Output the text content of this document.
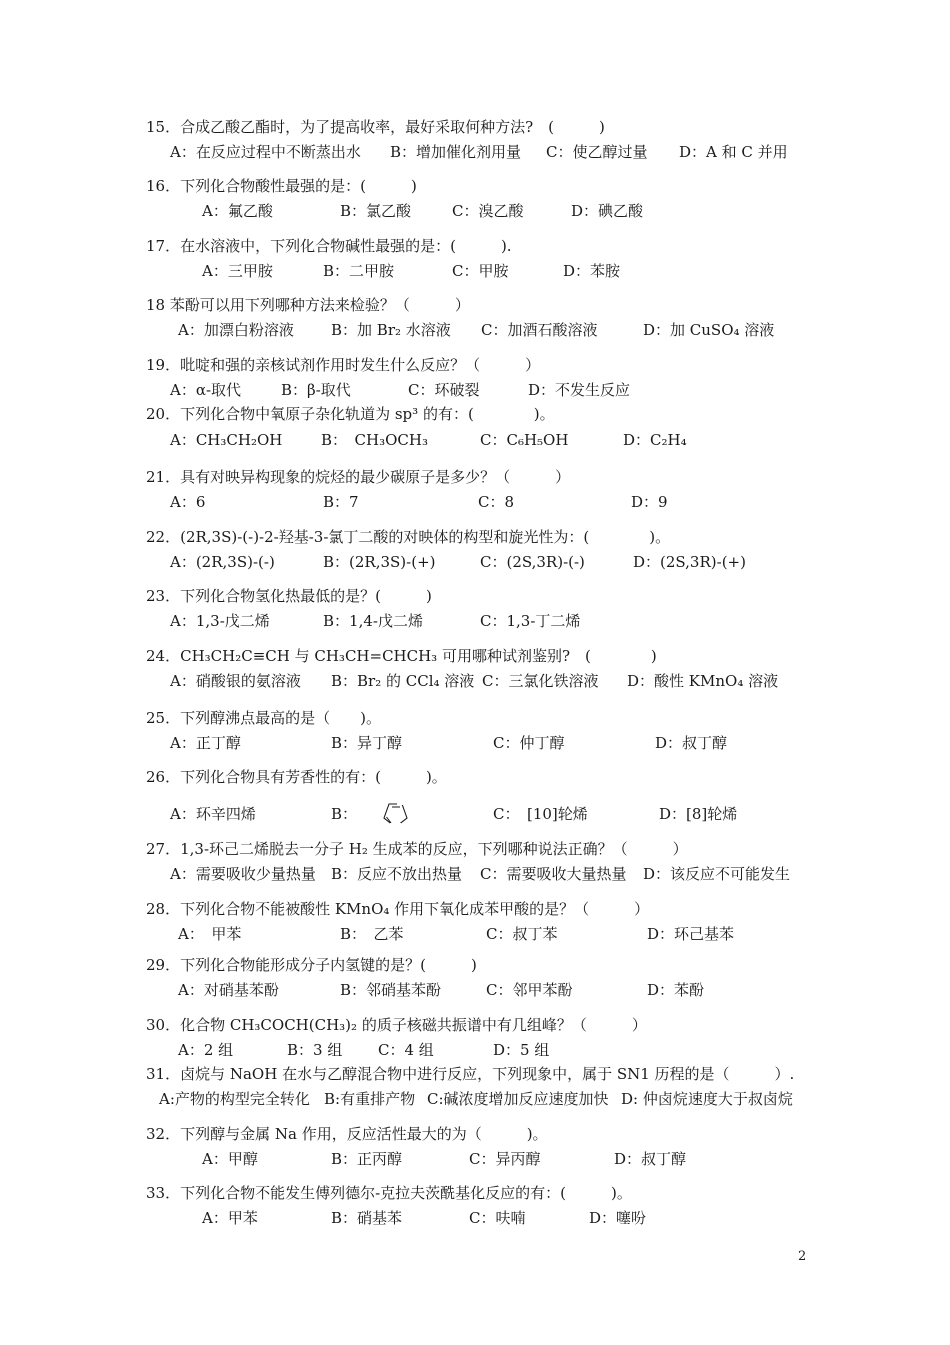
15．合成乙酸乙酯时，为了提高收率，最好采取何种方法?　(　　　)
A：在反应过程中不断蒸出水 B：增加催化剂用量 C：使乙醇过量 D：A 和 C 并用
16．下列化合物酸性最强的是：(　　　)
A：氟乙酸	B：氯乙酸	C：溴乙酸	D：碘乙酸
17．在水溶液中，下列化合物碱性最强的是：(　　　).
A：三甲胺	B：二甲胺	C：甲胺	D：苯胺
18 苯酚可以用下列哪种方法来检验？（　　　）
A：加漂白粉溶液 B：加 Br₂ 水溶液 C：加酒石酸溶液	D：加 CuSO₄ 溶液
19．吡啶和强的亲核试剂作用时发生什么反应？（　　　）
A：α-取代	B：β-取代	C：环破裂	D：不发生反应
20．下列化合物中氧原子杂化轨道为 sp³ 的有：(　　　　)。
A：CH₃CH₂OH	B：　CH₃OCH₃	C：C₆H₅OH	D：C₂H₄
21．具有对映异构现象的烷烃的最少碳原子是多少？（　　　）
A：6	B：7	C：8	D：9
22．(2R,3S)-(-)-2-羟基-3-氯丁二酸的对映体的构型和旋光性为：(　　　　)。
A：(2R,3S)-(-)	B：(2R,3S)-(+)	C：(2S,3R)-(-)	D：(2S,3R)-(+)
23．下列化合物氢化热最低的是？(　　　)
A：1,3-戊二烯	B：1,4-戊二烯	C：1,3-丁二烯
24．CH₃CH₂C≡CH 与 CH₃CH=CHCH₃ 可用哪种试剂鉴别?　(　　　　)
A：硝酸银的氨溶液 B：Br₂ 的 CCl₄ 溶液 C：三氯化铁溶液 D：酸性 KMnO₄ 溶液
25．下列醇沸点最高的是（　　)。
A：正丁醇	B：异丁醇	C：仲丁醇	D：叔丁醇
26．下列化合物具有芳香性的有：(　　　)。
A：环辛四烯	B：	C：　[10]轮烯	D：[8]轮烯
27．1,3-环己二烯脱去一分子 H₂ 生成苯的反应，下列哪种说法正确？（　　　）
A：需要吸收少量热量 B：反应不放出热量 C：需要吸收大量热量 D：该反应不可能发生
28．下列化合物不能被酸性 KMnO₄ 作用下氧化成苯甲酸的是？（　　　）
A：　甲苯	B：　乙苯	C：叔丁苯	D：环己基苯
29．下列化合物能形成分子内氢键的是？(　　　)
A：对硝基苯酚	B：邻硝基苯酚	C：邻甲苯酚	D：苯酚
30．化合物 CH₃COCH(CH₃)₂ 的质子核磁共振谱中有几组峰？（　　　）
A：2 组	B：3 组 C：4 组	D：5 组
31．卤烷与 NaOH 在水与乙醇混合物中进行反应，下列现象中，属于 SN1 历程的是（　　　）.
A:产物的构型完全转化 B:有重排产物 C:碱浓度增加反应速度加快 D: 仲卤烷速度大于叔卤烷
32．下列醇与金属 Na 作用，反应活性最大的为（　　　)。
A：甲醇	B：正丙醇	C：异丙醇	D：叔丁醇
33．下列化合物不能发生傅列德尔-克拉夫茨酰基化反应的有：(　　　)。
A：甲苯	B：硝基苯	C：呋喃	D：噻吩
2
